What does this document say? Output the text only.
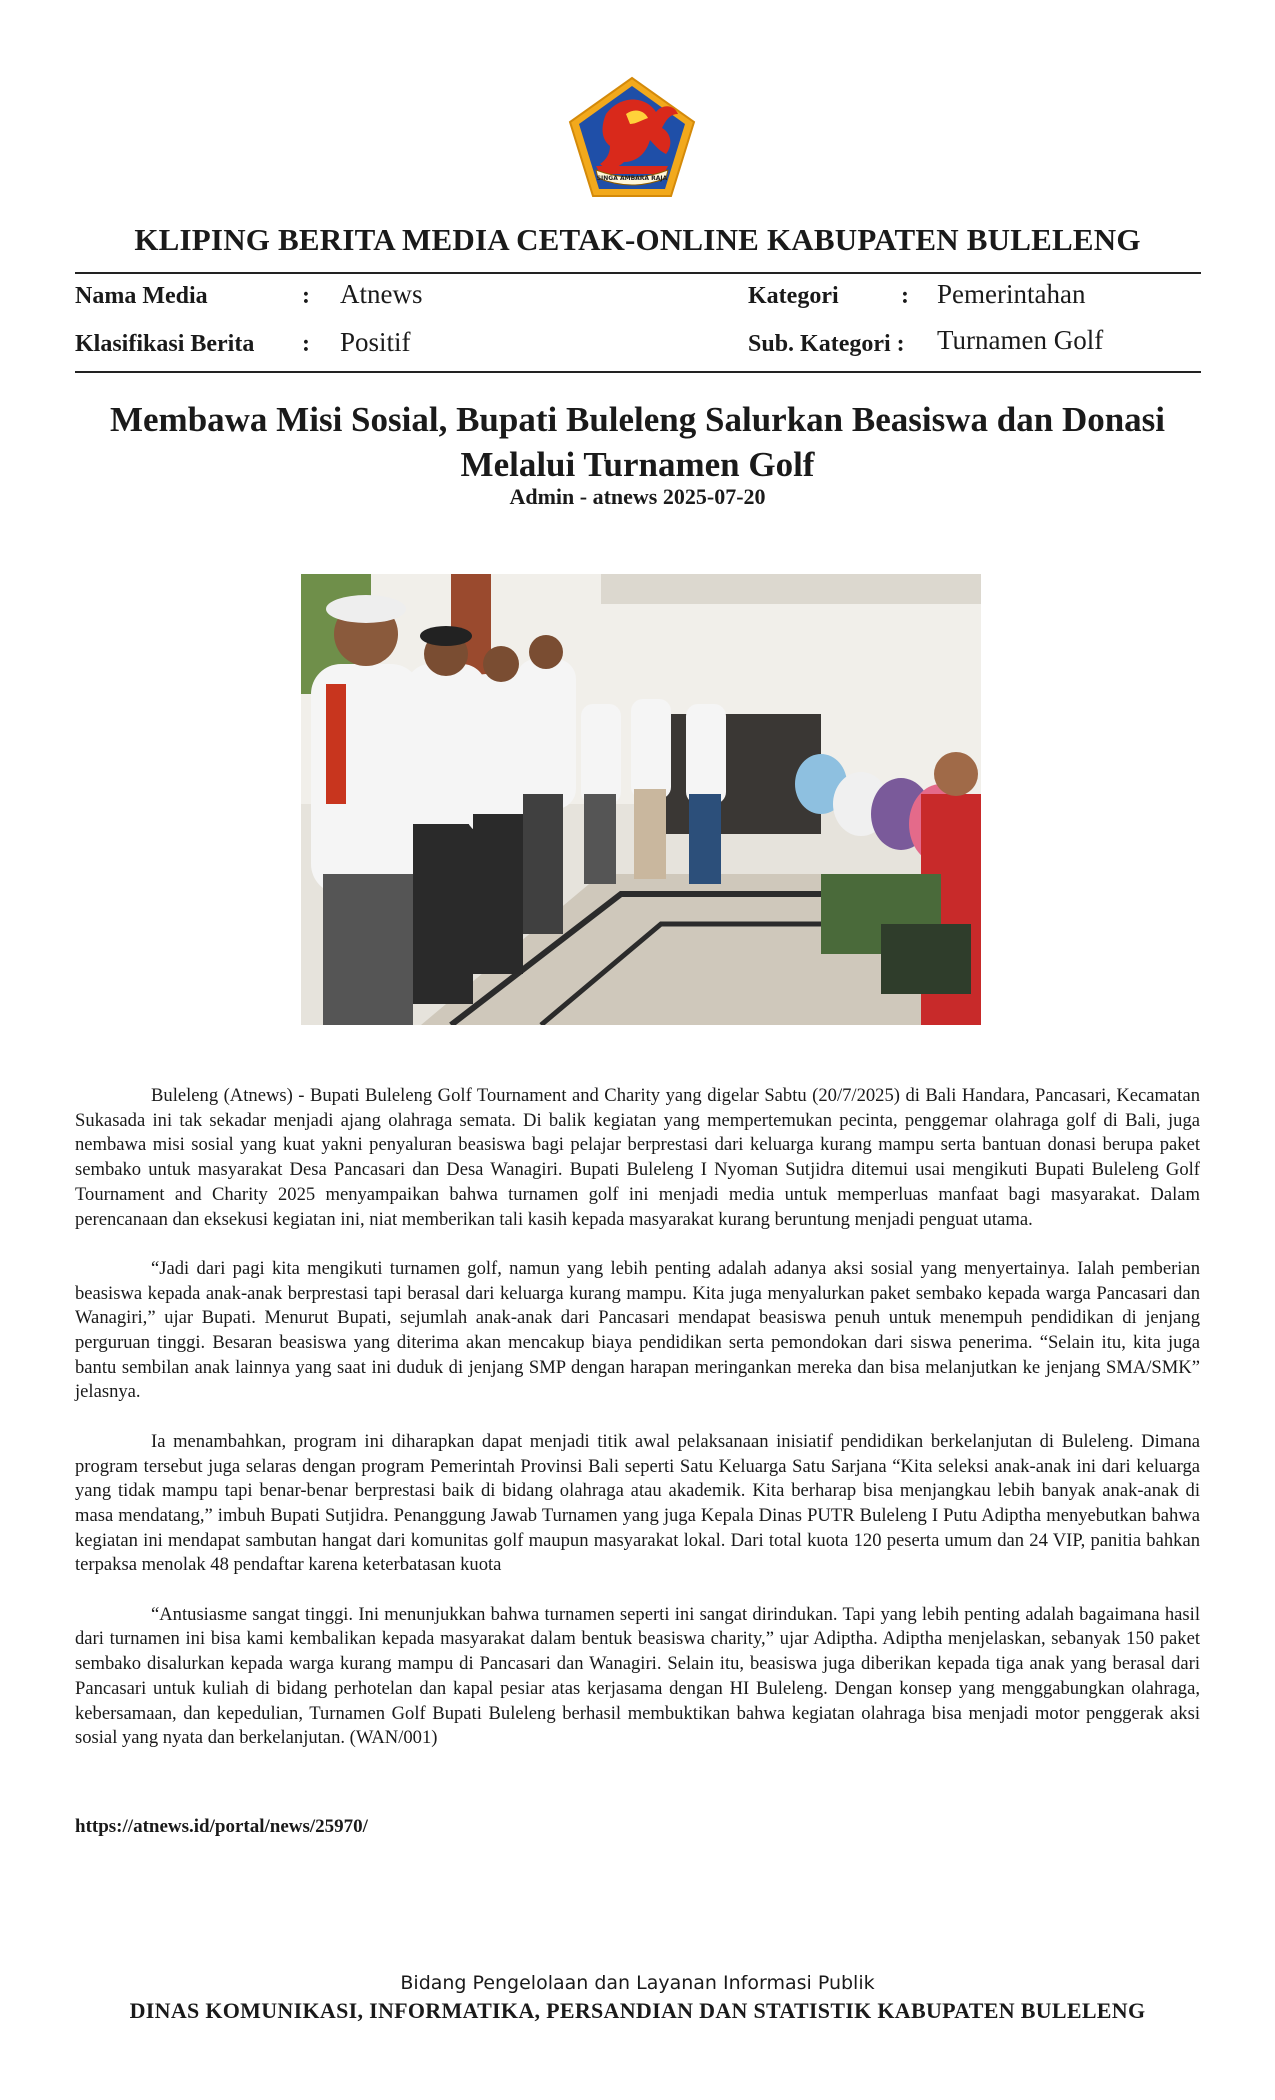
SINGA AMBARA RAJA
KLIPING BERITA MEDIA CETAK-ONLINE KABUPATEN BULELENG
Nama Media	: Atnews
Klasifikasi Berita : Positif
Kategori	: Pemerintahan
Sub. Kategori : Turnamen Golf
Membawa Misi Sosial, Bupati Buleleng Salurkan Beasiswa dan Donasi
Melalui Turnamen Golf
Admin - atnews 2025-07-20

Buleleng (Atnews) - Bupati Buleleng Golf Tournament and Charity yang digelar Sabtu (20/7/2025) di Bali Handara, Pancasari, Kecamatan Sukasada ini tak sekadar menjadi ajang olahraga semata. Di balik kegiatan yang mempertemukan pecinta, penggemar olahraga golf di Bali, juga nembawa misi sosial yang kuat yakni penyaluran beasiswa bagi pelajar berprestasi dari keluarga kurang mampu serta bantuan donasi berupa paket sembako untuk masyarakat Desa Pancasari dan Desa Wanagiri. Bupati Buleleng I Nyoman Sutjidra ditemui usai mengikuti Bupati Buleleng Golf Tournament and Charity 2025 menyampaikan bahwa turnamen golf ini menjadi media untuk memperluas manfaat bagi masyarakat. Dalam perencanaan dan eksekusi kegiatan ini, niat memberikan tali kasih kepada masyarakat kurang beruntung menjadi penguat utama.

“Jadi dari pagi kita mengikuti turnamen golf, namun yang lebih penting adalah adanya aksi sosial yang menyertainya. Ialah pemberian beasiswa kepada anak-anak berprestasi tapi berasal dari keluarga kurang mampu. Kita juga menyalurkan paket sembako kepada warga Pancasari dan Wanagiri,” ujar Bupati. Menurut Bupati, sejumlah anak-anak dari Pancasari mendapat beasiswa penuh untuk menempuh pendidikan di jenjang perguruan tinggi. Besaran beasiswa yang diterima akan mencakup biaya pendidikan serta pemondokan dari siswa penerima. “Selain itu, kita juga bantu sembilan anak lainnya yang saat ini duduk di jenjang SMP dengan harapan meringankan mereka dan bisa melanjutkan ke jenjang SMA/SMK” jelasnya.

Ia menambahkan, program ini diharapkan dapat menjadi titik awal pelaksanaan inisiatif pendidikan berkelanjutan di Buleleng. Dimana program tersebut juga selaras dengan program Pemerintah Provinsi Bali seperti Satu Keluarga Satu Sarjana “Kita seleksi anak-anak ini dari keluarga yang tidak mampu tapi benar-benar berprestasi baik di bidang olahraga atau akademik. Kita berharap bisa menjangkau lebih banyak anak-anak di masa mendatang,” imbuh Bupati Sutjidra. Penanggung Jawab Turnamen yang juga Kepala Dinas PUTR Buleleng I Putu Adiptha menyebutkan bahwa kegiatan ini mendapat sambutan hangat dari komunitas golf maupun masyarakat lokal. Dari total kuota 120 peserta umum dan 24 VIP, panitia bahkan terpaksa menolak 48 pendaftar karena keterbatasan kuota

“Antusiasme sangat tinggi. Ini menunjukkan bahwa turnamen seperti ini sangat dirindukan. Tapi yang lebih penting adalah bagaimana hasil dari turnamen ini bisa kami kembalikan kepada masyarakat dalam bentuk beasiswa charity,” ujar Adiptha. Adiptha menjelaskan, sebanyak 150 paket sembako disalurkan kepada warga kurang mampu di Pancasari dan Wanagiri. Selain itu, beasiswa juga diberikan kepada tiga anak yang berasal dari Pancasari untuk kuliah di bidang perhotelan dan kapal pesiar atas kerjasama dengan HI Buleleng. Dengan konsep yang menggabungkan olahraga, kebersamaan, dan kepedulian, Turnamen Golf Bupati Buleleng berhasil membuktikan bahwa kegiatan olahraga bisa menjadi motor penggerak aksi sosial yang nyata dan berkelanjutan. (WAN/001)

https://atnews.id/portal/news/25970/
Bidang Pengelolaan dan Layanan Informasi Publik
DINAS KOMUNIKASI, INFORMATIKA, PERSANDIAN DAN STATISTIK KABUPATEN BULELENG
